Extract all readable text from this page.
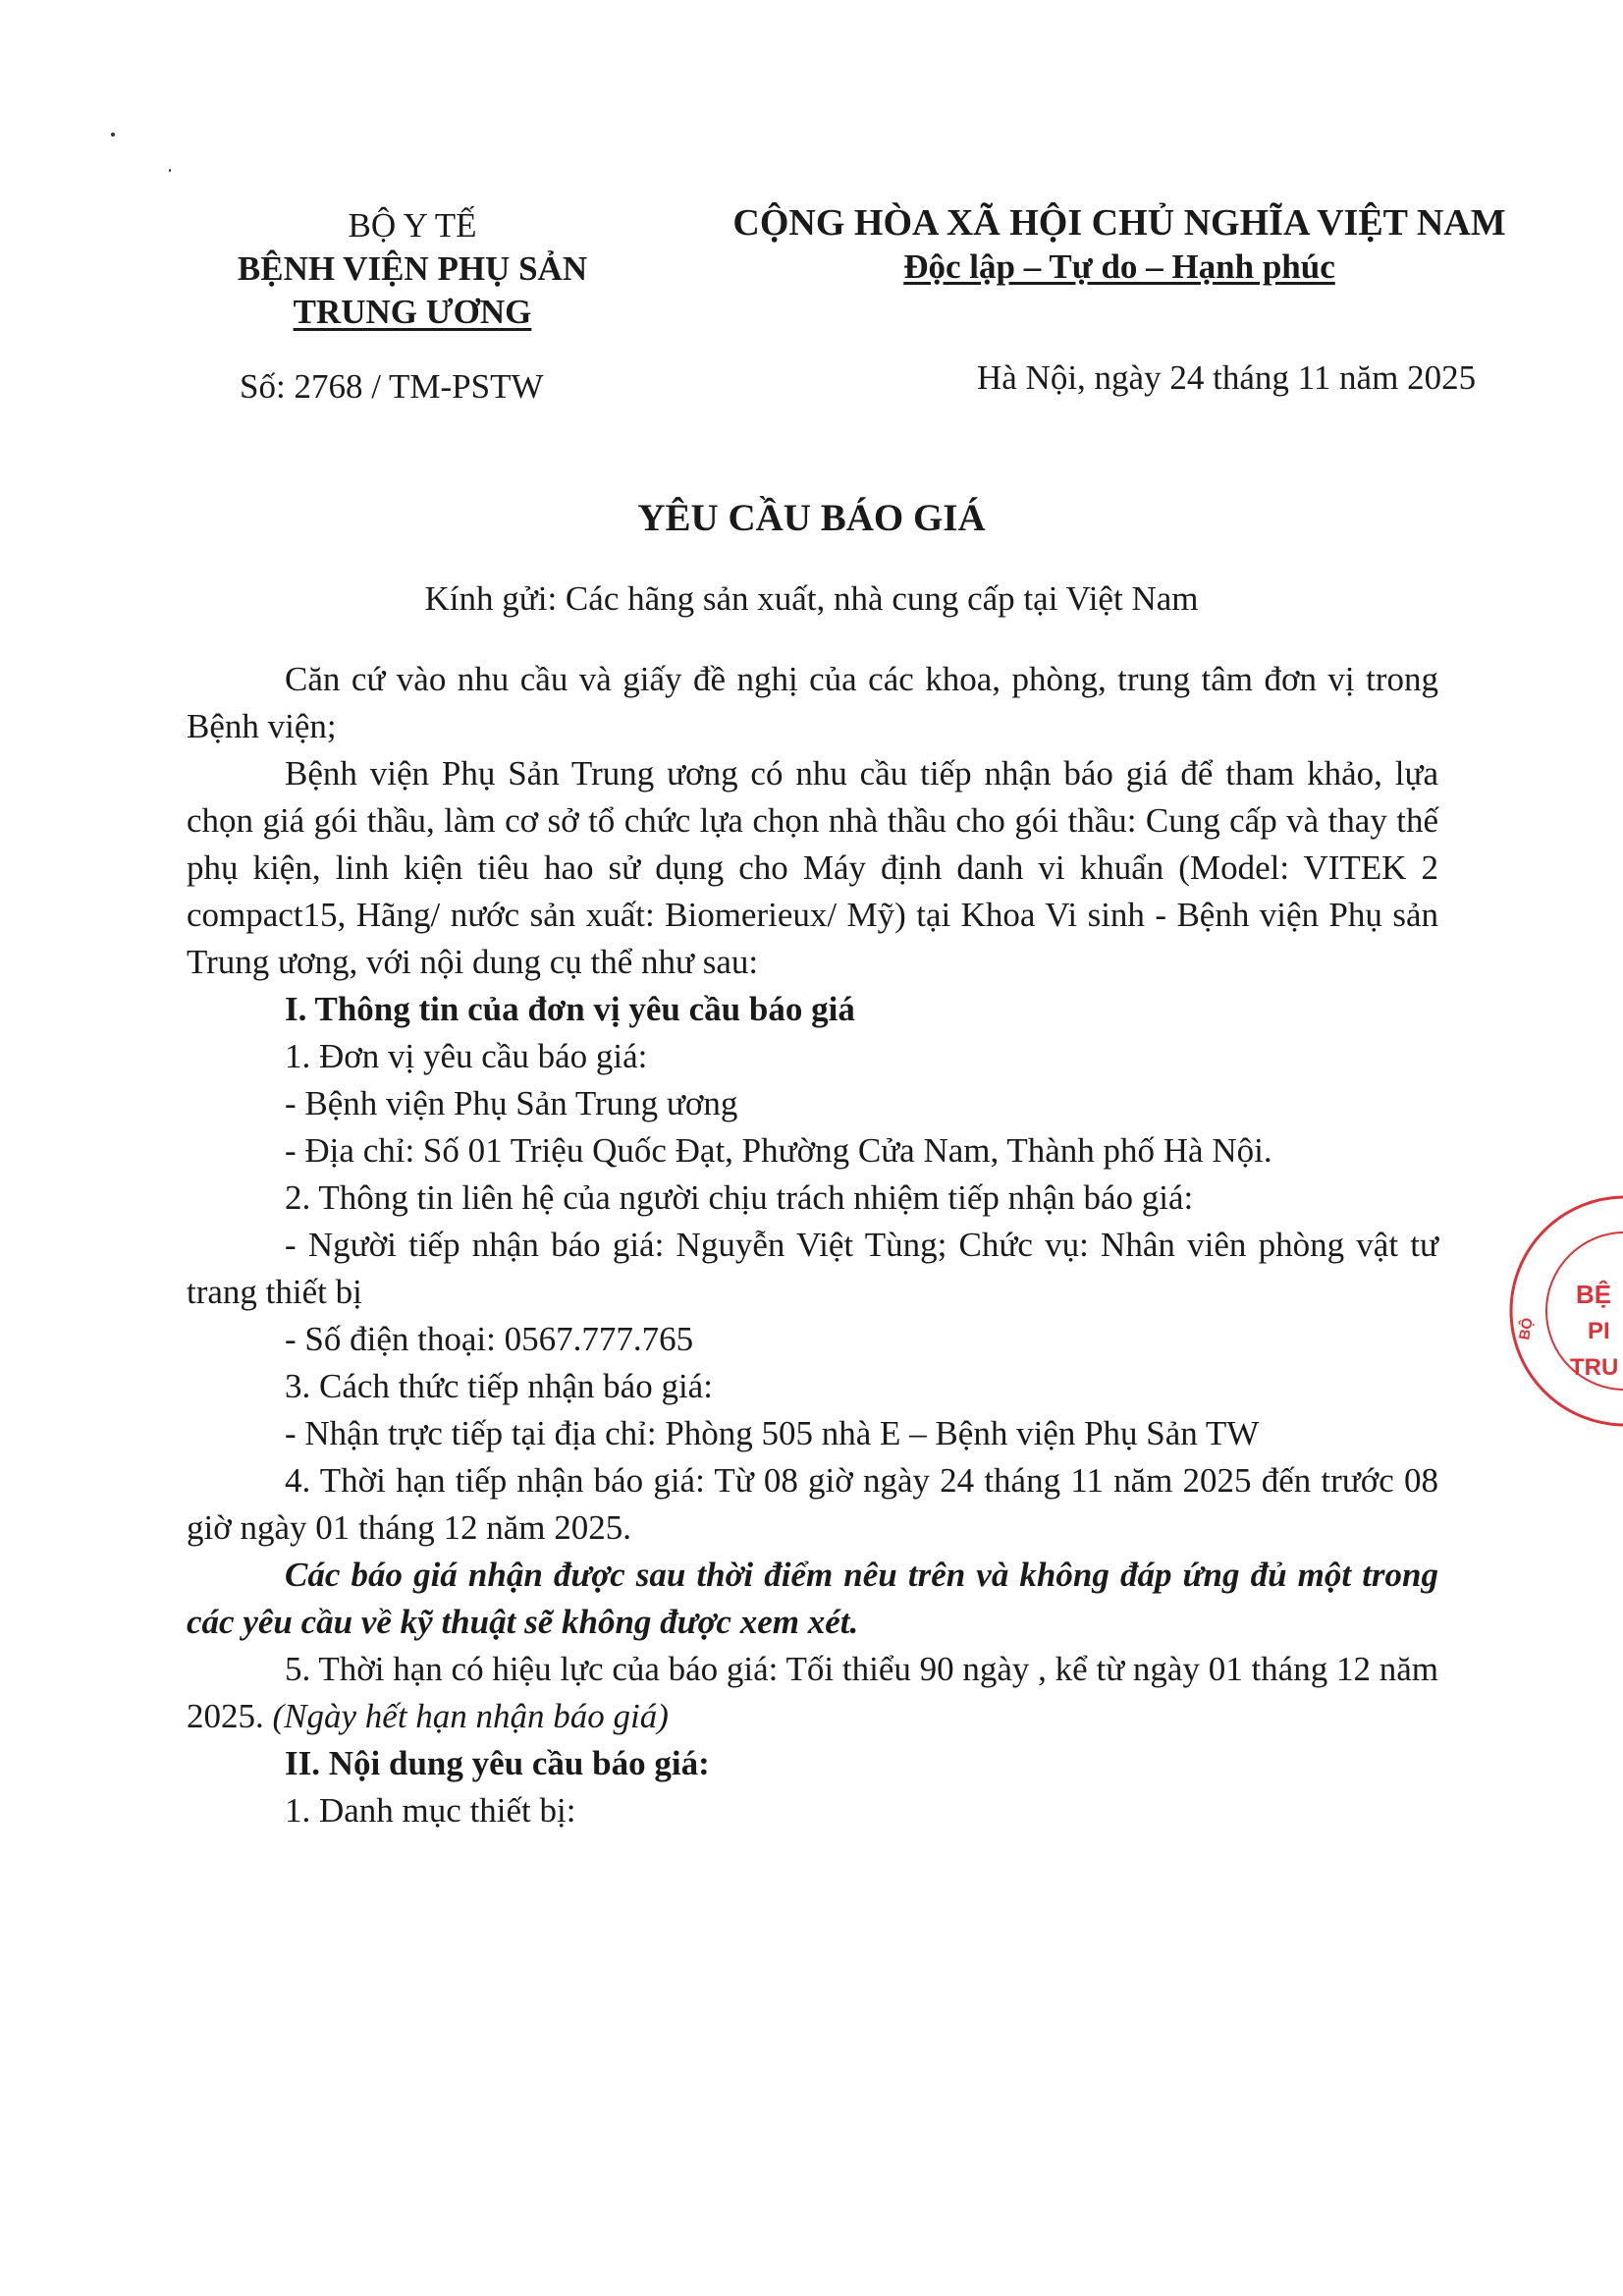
BỘ Y TẾ
BỆNH VIỆN PHỤ SẢN
TRUNG ƯƠNG
CỘNG HÒA XÃ HỘI CHỦ NGHĨA VIỆT NAM
Độc lập – Tự do – Hạnh phúc
Số: 2768 / TM-PSTW	Hà Nội, ngày 24 tháng 11 năm 2025
YÊU CẦU BÁO GIÁ
Kính gửi: Các hãng sản xuất, nhà cung cấp tại Việt Nam

Căn cứ vào nhu cầu và giấy đề nghị của các khoa, phòng, trung tâm đơn vị trong Bệnh viện;

Bệnh viện Phụ Sản Trung ương có nhu cầu tiếp nhận báo giá để tham khảo, lựa chọn giá gói thầu, làm cơ sở tổ chức lựa chọn nhà thầu cho gói thầu: Cung cấp và thay thế phụ kiện, linh kiện tiêu hao sử dụng cho Máy định danh vi khuẩn (Model: VITEK 2 compact15, Hãng/ nước sản xuất: Biomerieux/ Mỹ) tại Khoa Vi sinh - Bệnh viện Phụ sản Trung ương, với nội dung cụ thể như sau:

I. Thông tin của đơn vị yêu cầu báo giá

1. Đơn vị yêu cầu báo giá:

- Bệnh viện Phụ Sản Trung ương

- Địa chỉ: Số 01 Triệu Quốc Đạt, Phường Cửa Nam, Thành phố Hà Nội.

2. Thông tin liên hệ của người chịu trách nhiệm tiếp nhận báo giá:

- Người tiếp nhận báo giá: Nguyễn Việt Tùng; Chức vụ: Nhân viên phòng vật tư trang thiết bị

- Số điện thoại: 0567.777.765

3. Cách thức tiếp nhận báo giá:

- Nhận trực tiếp tại địa chỉ: Phòng 505 nhà E – Bệnh viện Phụ Sản TW

4. Thời hạn tiếp nhận báo giá: Từ 08 giờ ngày 24 tháng 11 năm 2025 đến trước 08 giờ ngày 01 tháng 12 năm 2025.

Các báo giá nhận được sau thời điểm nêu trên và không đáp ứng đủ một trong các yêu cầu về kỹ thuật sẽ không được xem xét.

5. Thời hạn có hiệu lực của báo giá: Tối thiểu 90 ngày , kể từ ngày 01 tháng 12 năm 2025. (Ngày hết hạn nhận báo giá)

II. Nội dung yêu cầu báo giá:

1. Danh mục thiết bị:

BỆ
PI
TRU
BỘ
